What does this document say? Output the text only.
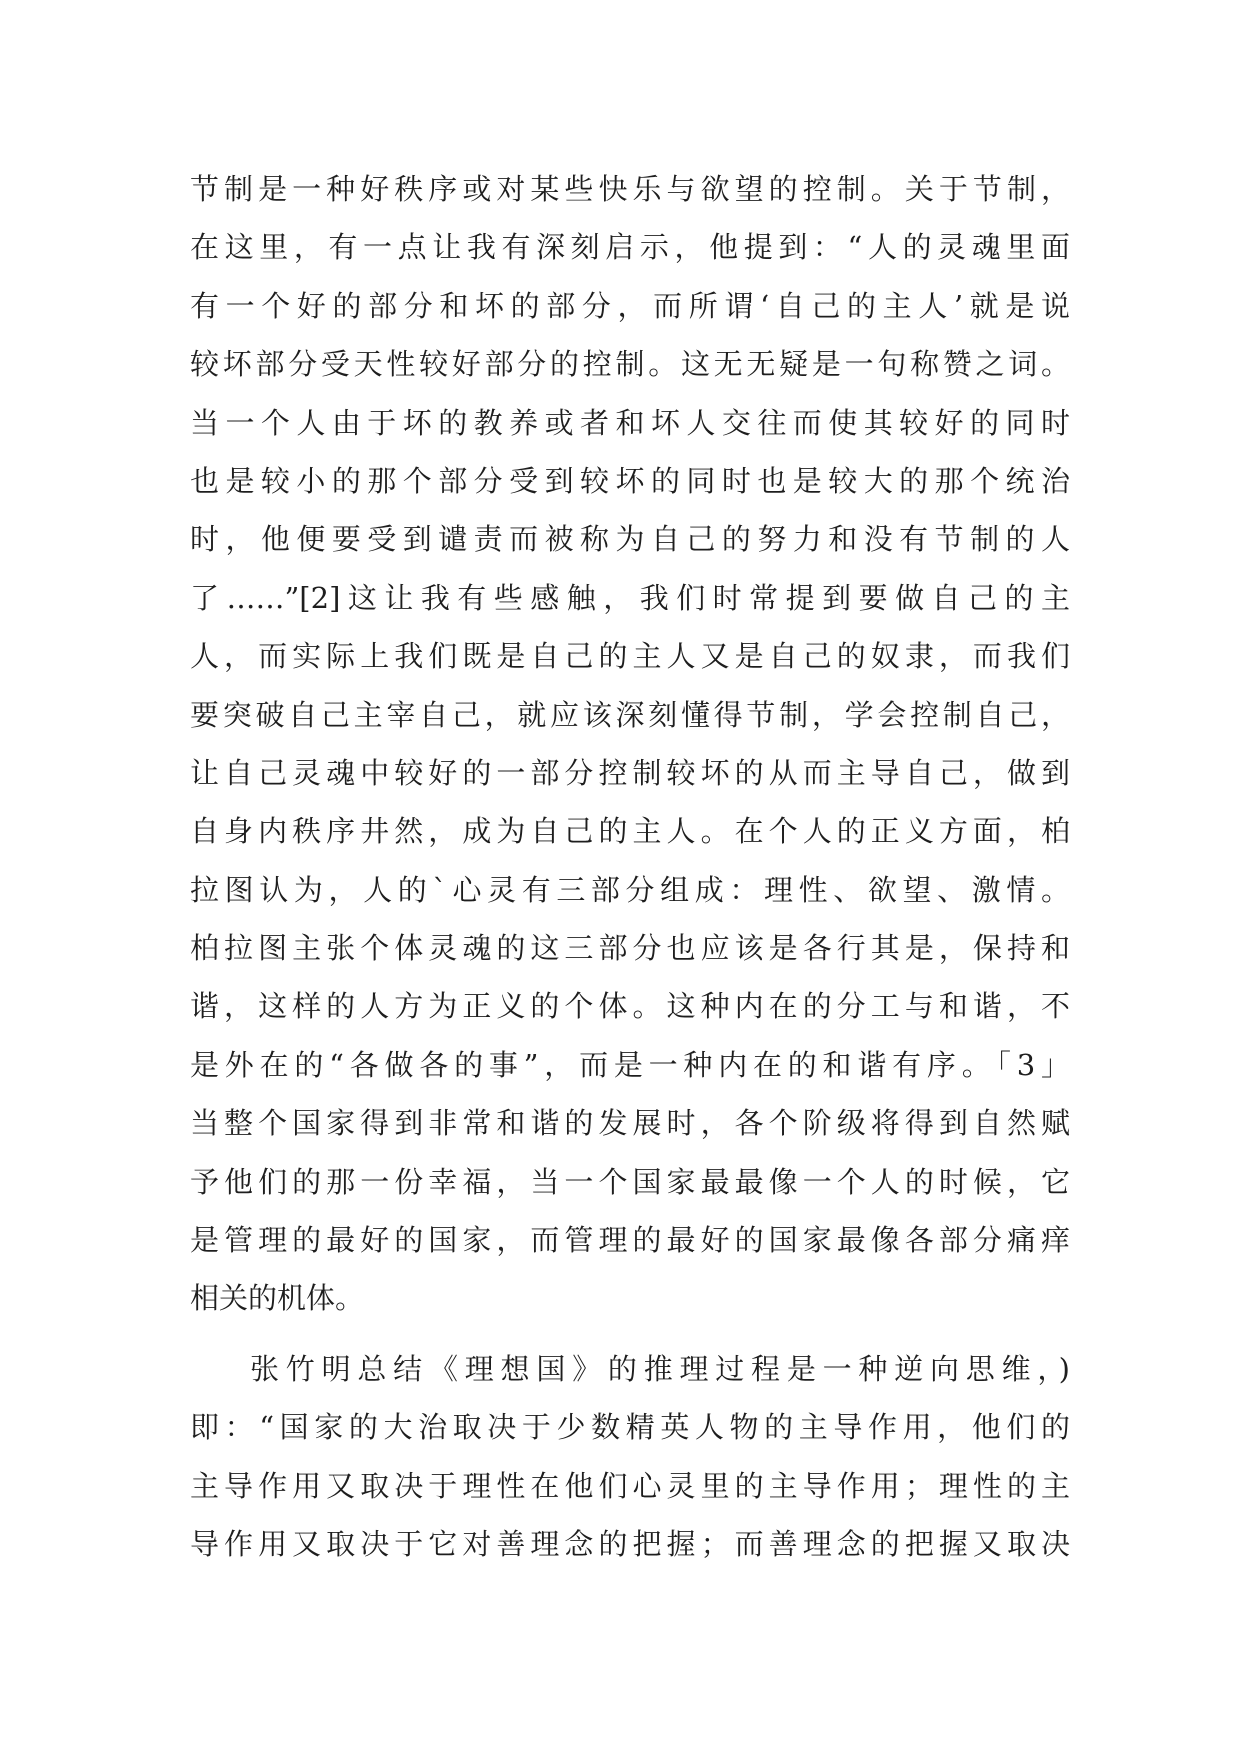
节制是一种好秩序或对某些快乐与欲望的控制。关于节制，
在这里，有一点让我有深刻启示，他提到：“人的灵魂里面
有一个好的部分和坏的部分，而所谓‘自己的主人’就是说
较坏部分受天性较好部分的控制。这无无疑是一句称赞之词。
当一个人由于坏的教养或者和坏人交往而使其较好的同时
也是较小的那个部分受到较坏的同时也是较大的那个统治
时，他便要受到谴责而被称为自己的努力和没有节制的人
了……”[2]这让我有些感触，我们时常提到要做自己的主
人，而实际上我们既是自己的主人又是自己的奴隶，而我们
要突破自己主宰自己，就应该深刻懂得节制，学会控制自己，
让自己灵魂中较好的一部分控制较坏的从而主导自己，做到
自身内秩序井然，成为自己的主人。在个人的正义方面，柏
拉图认为，人的`心灵有三部分组成：理性、欲望、激情。
柏拉图主张个体灵魂的这三部分也应该是各行其是，保持和
谐，这样的人方为正义的个体。这种内在的分工与和谐，不
是外在的“各做各的事”，而是一种内在的和谐有序。「3」
当整个国家得到非常和谐的发展时，各个阶级将得到自然赋
予他们的那一份幸福，当一个国家最最像一个人的时候，它
是管理的最好的国家，而管理的最好的国家最像各部分痛痒
相关的机体。
张竹明总结《理想国》的推理过程是一种逆向思维，)
即：“国家的大治取决于少数精英人物的主导作用，他们的
主导作用又取决于理性在他们心灵里的主导作用；理性的主
导作用又取决于它对善理念的把握；而善理念的把握又取决
